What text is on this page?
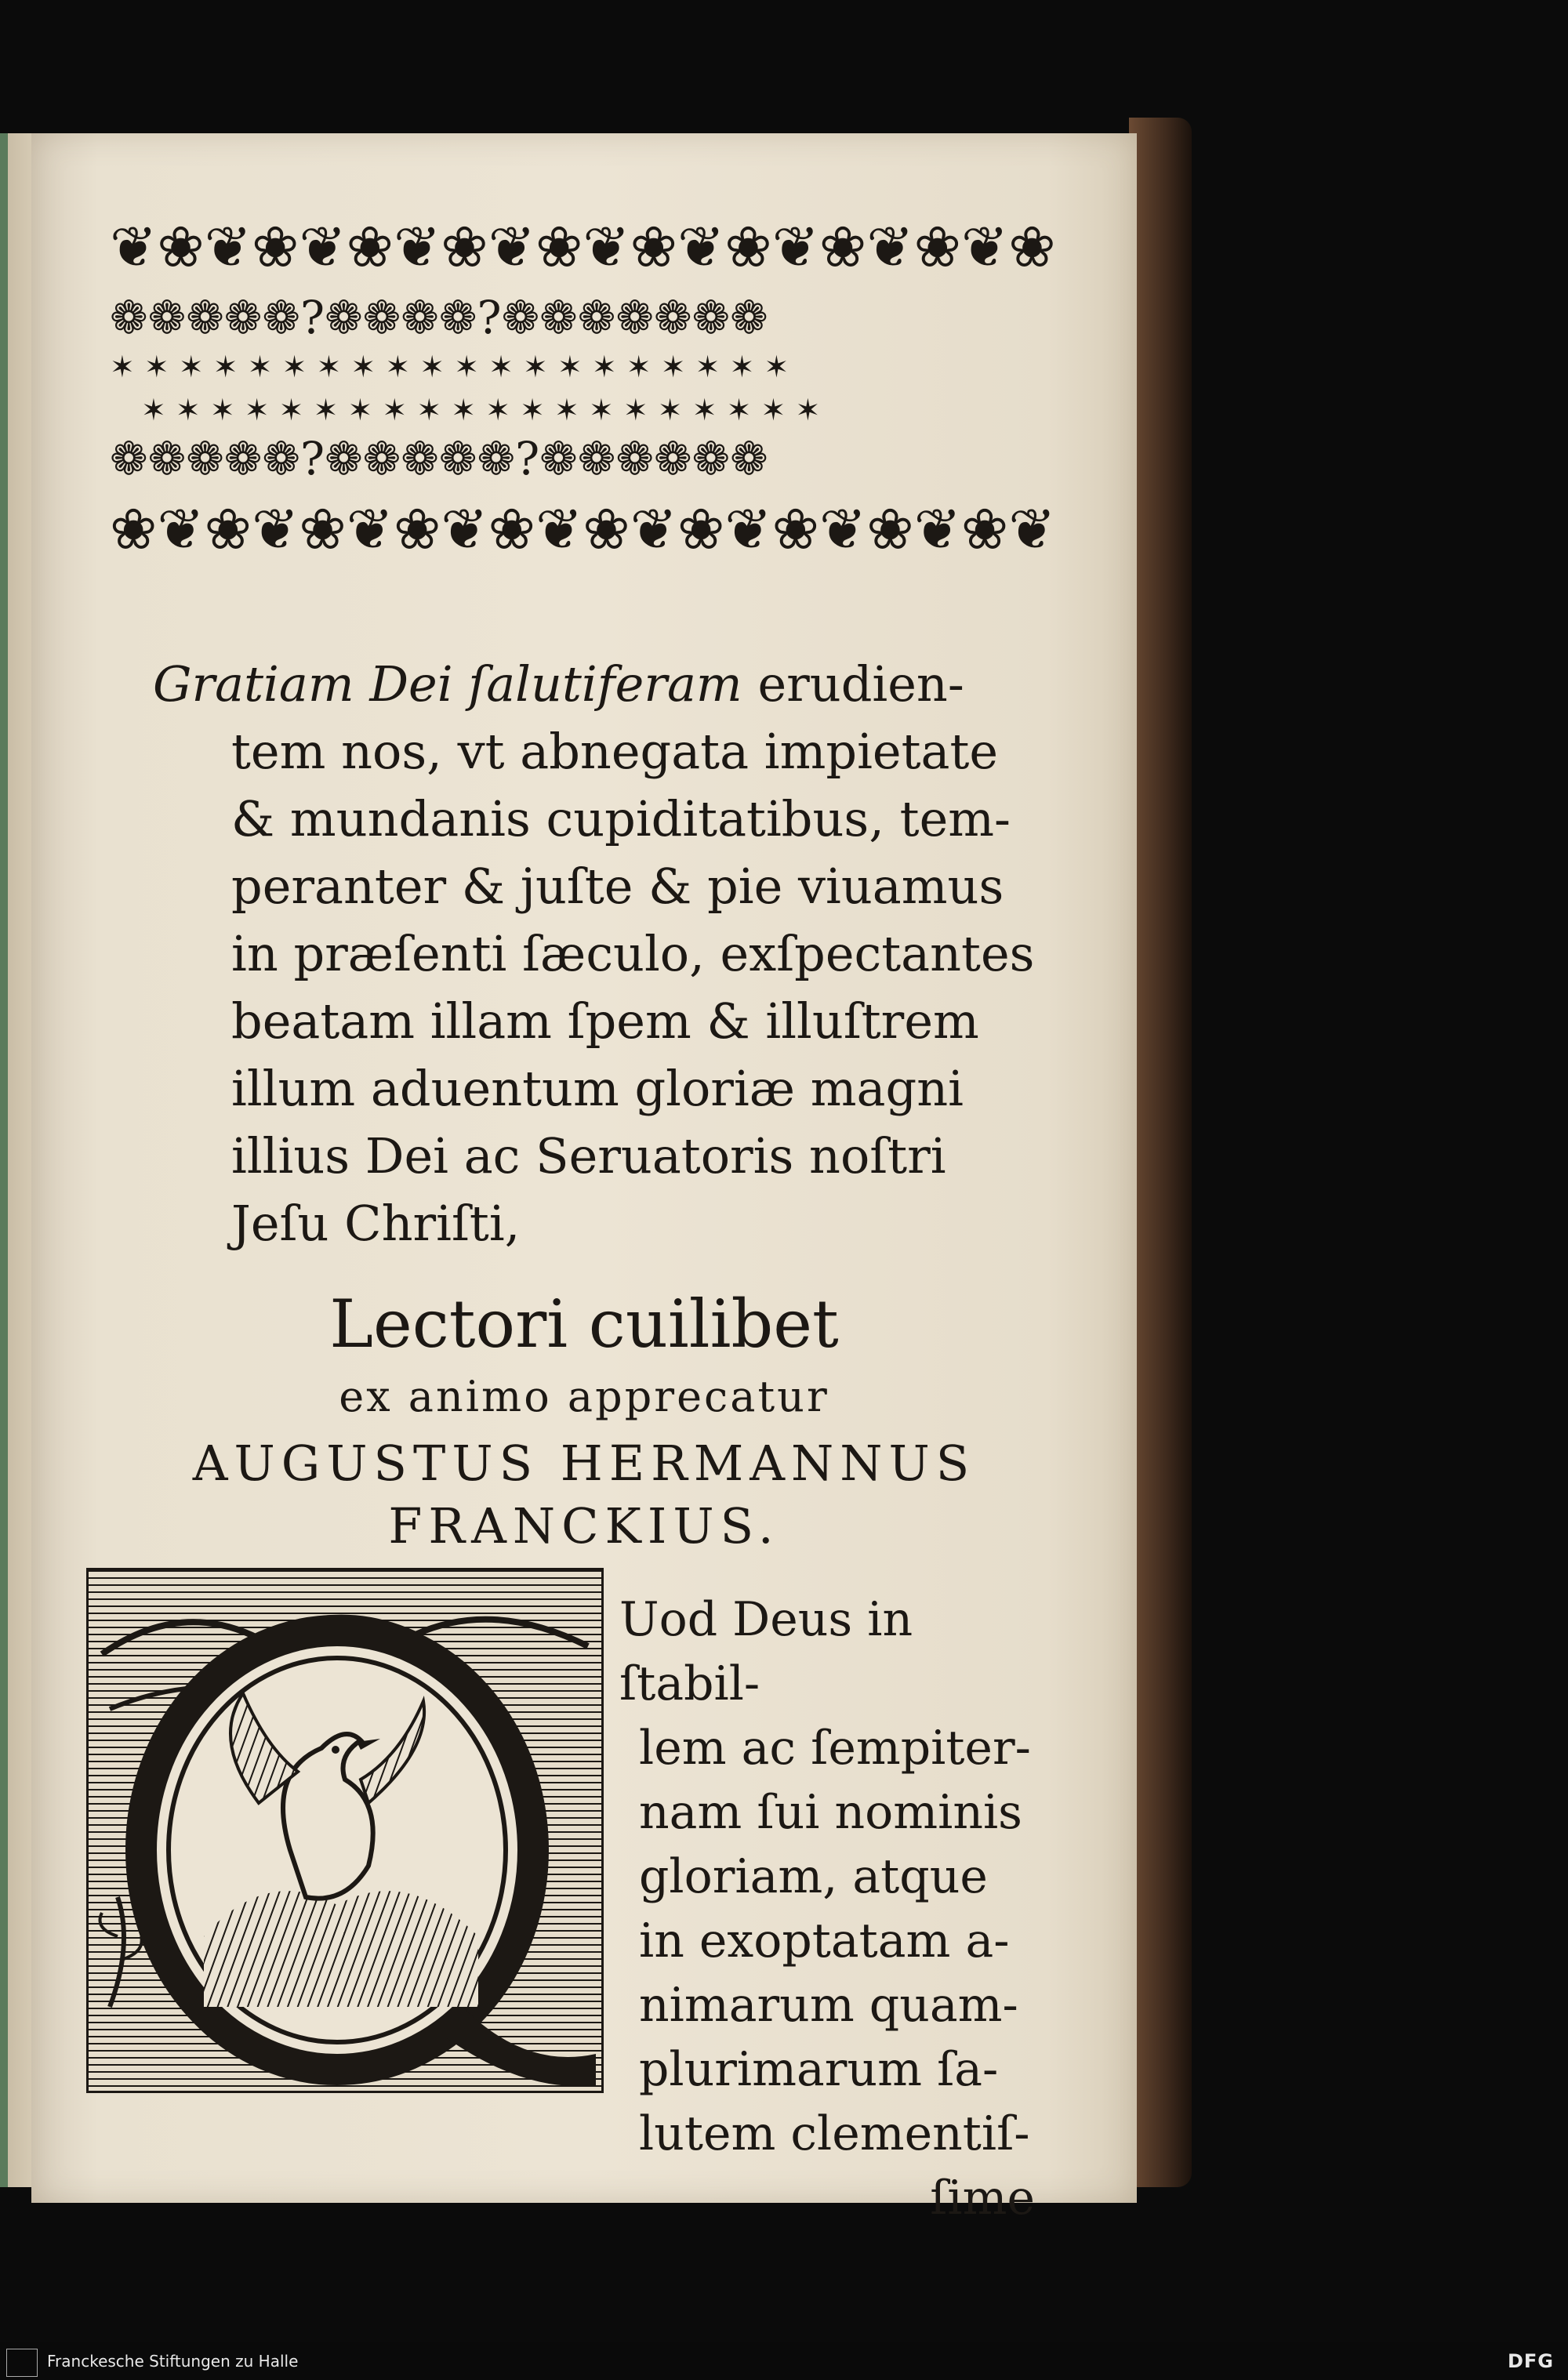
❦❀❦❀❦❀❦❀❦❀❦❀❦❀❦❀❦❀❦❀
❁❁❁❁❁?❁❁❁❁?❁❁❁❁❁❁❁
✶ ✶ ✶ ✶ ✶ ✶ ✶ ✶ ✶ ✶ ✶ ✶ ✶ ✶ ✶ ✶ ✶ ✶ ✶ ✶
✶ ✶ ✶ ✶ ✶ ✶ ✶ ✶ ✶ ✶ ✶ ✶ ✶ ✶ ✶ ✶ ✶ ✶ ✶ ✶
❁❁❁❁❁?❁❁❁❁❁?❁❁❁❁❁❁
❀❦❀❦❀❦❀❦❀❦❀❦❀❦❀❦❀❦❀❦
Gratiam Dei ſalutiferam erudien-
tem nos, vt abnegata impietate
& mundanis cupiditatibus, tem-
peranter & juſte & pie viuamus
in præſenti ſæculo, exſpectantes
beatam illam ſpem & illuſtrem
illum aduentum gloriæ magni
illius Dei ac Seruatoris noſtri
Jeſu Chriſti,
Lectori cuilibet
ex animo apprecatur
AUGUSTUS HERMANNUS
FRANCKIUS.
Uod Deus in ſtabil-
lem ac ſempiter-
nam ſui nominis
gloriam, atque
in exoptatam a-
nimarum quam-
plurimarum ſa-
lutem clementiſ-
ſime
Franckesche Stiftungen zu Halle	DFG
